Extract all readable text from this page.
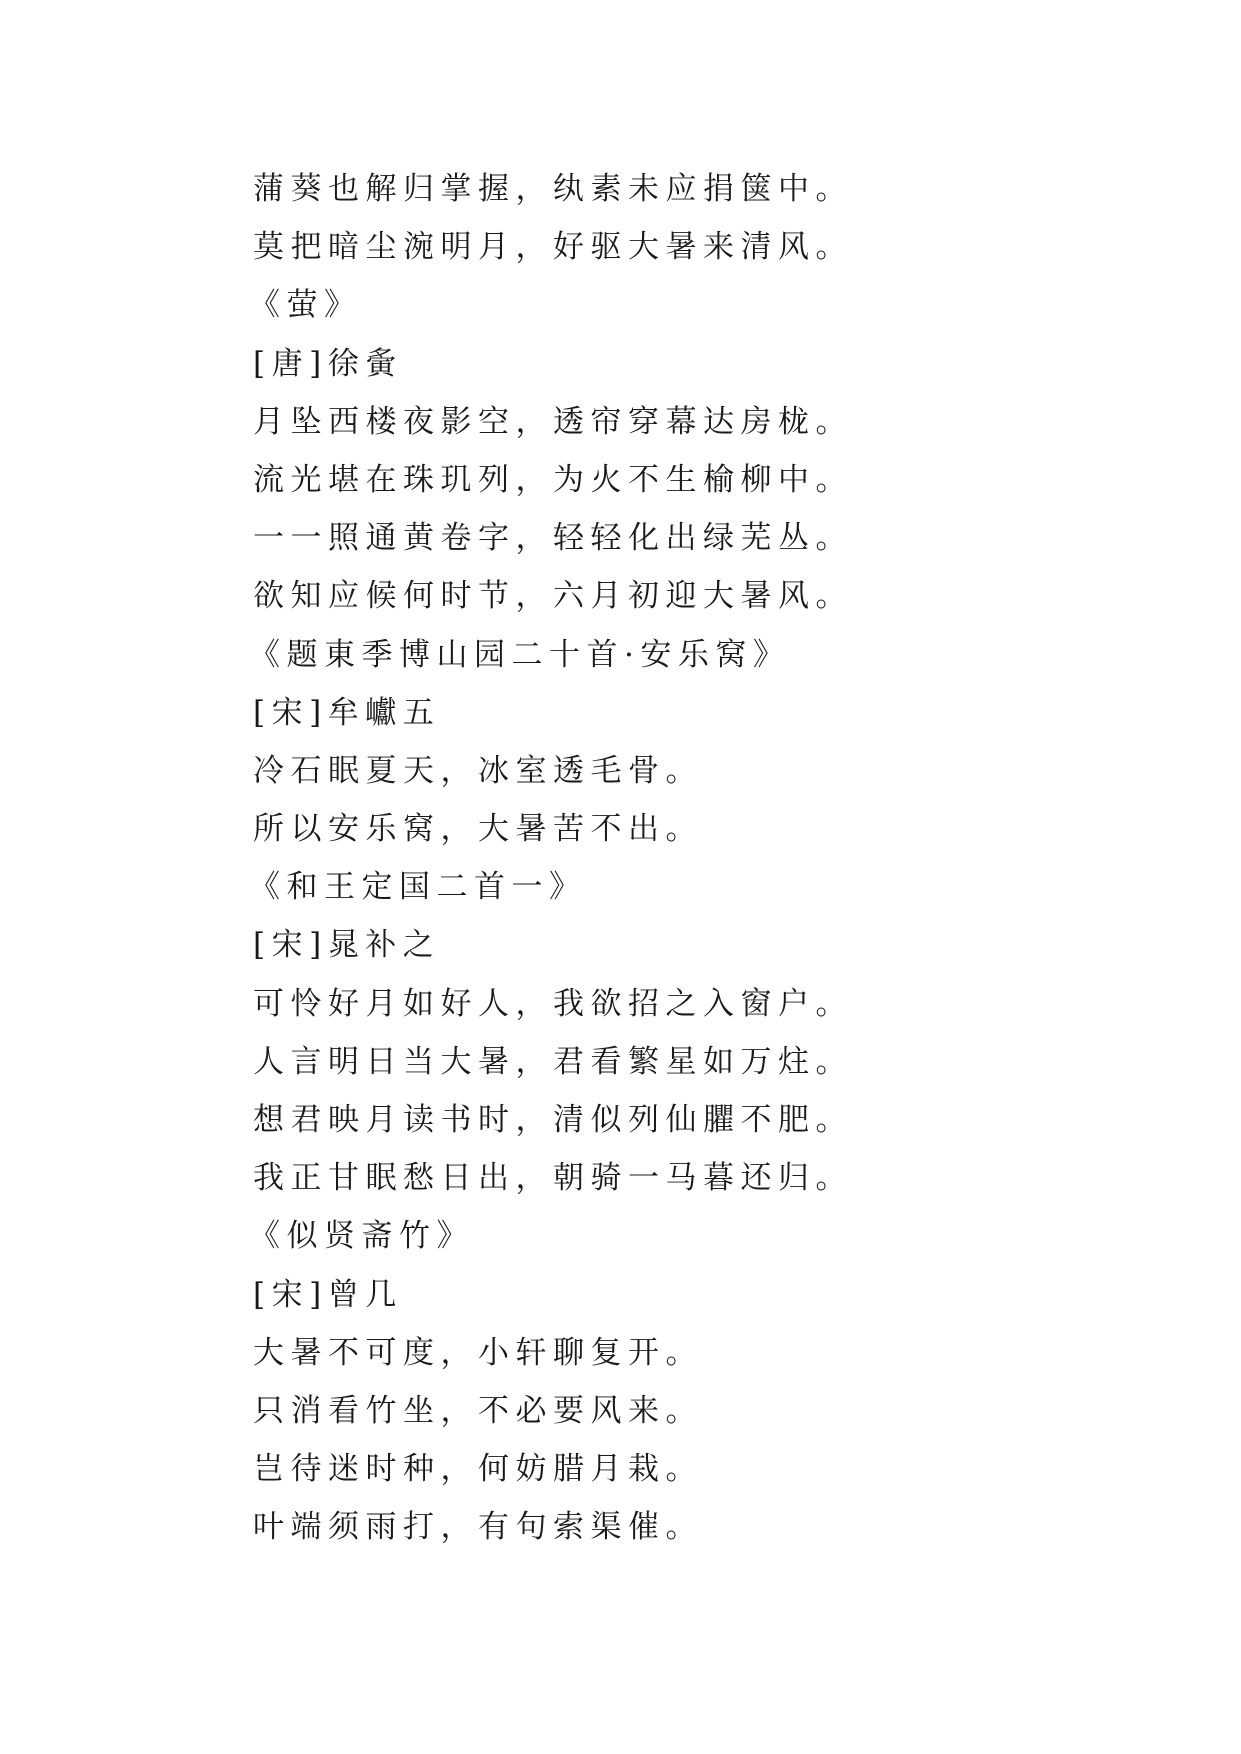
蒲葵也解归掌握，纨素未应捐箧中。
莫把暗尘涴明月，好驱大暑来清风。
《萤》
[唐]徐夤
月坠西楼夜影空，透帘穿幕达房栊。
流光堪在珠玑列，为火不生榆柳中。
一一照通黄卷字，轻轻化出绿芜丛。
欲知应候何时节，六月初迎大暑风。
《题東季博山园二十首·安乐窝》
[宋]牟巘五
冷石眠夏天，冰室透毛骨。
所以安乐窝，大暑苦不出。
《和王定国二首一》
[宋]晁补之
可怜好月如好人，我欲招之入窗户。
人言明日当大暑，君看繁星如万炷。
想君映月读书时，清似列仙臞不肥。
我正甘眠愁日出，朝骑一马暮还归。
《似贤斋竹》
[宋]曾几
大暑不可度，小轩聊复开。
只消看竹坐，不必要风来。
岂待迷时种，何妨腊月栽。
叶端须雨打，有句索渠催。
